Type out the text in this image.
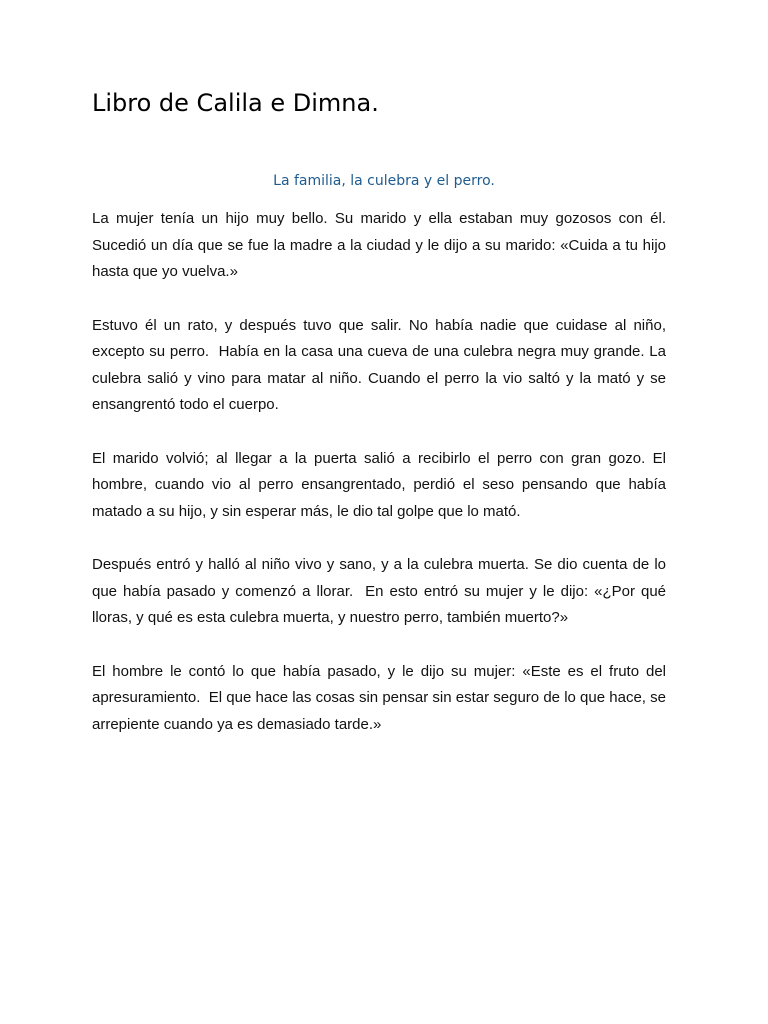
Libro de Calila e Dimna.
La familia, la culebra y el perro.

La mujer tenía un hijo muy bello. Su marido y ella estaban muy gozosos con él. Sucedió un día que se fue la madre a la ciudad y le dijo a su marido: «Cuida a tu hijo hasta que yo vuelva.»

Estuvo él un rato, y después tuvo que salir. No había nadie que cuidase al niño, excepto su perro.  Había en la casa una cueva de una culebra negra muy grande. La culebra salió y vino para matar al niño. Cuando el perro la vio saltó y la mató y se ensangrentó todo el cuerpo.

El marido volvió; al llegar a la puerta salió a recibirlo el perro con gran gozo. El hombre, cuando vio al perro ensangrentado, perdió el seso pensando que había matado a su hijo, y sin esperar más, le dio tal golpe que lo mató.

Después entró y halló al niño vivo y sano, y a la culebra muerta. Se dio cuenta de lo que había pasado y comenzó a llorar.  En esto entró su mujer y le dijo: «¿Por qué lloras, y qué es esta culebra muerta, y nuestro perro, también muerto?»

El hombre le contó lo que había pasado, y le dijo su mujer: «Este es el fruto del apresuramiento.  El que hace las cosas sin pensar sin estar seguro de lo que hace, se arrepiente cuando ya es demasiado tarde.»
